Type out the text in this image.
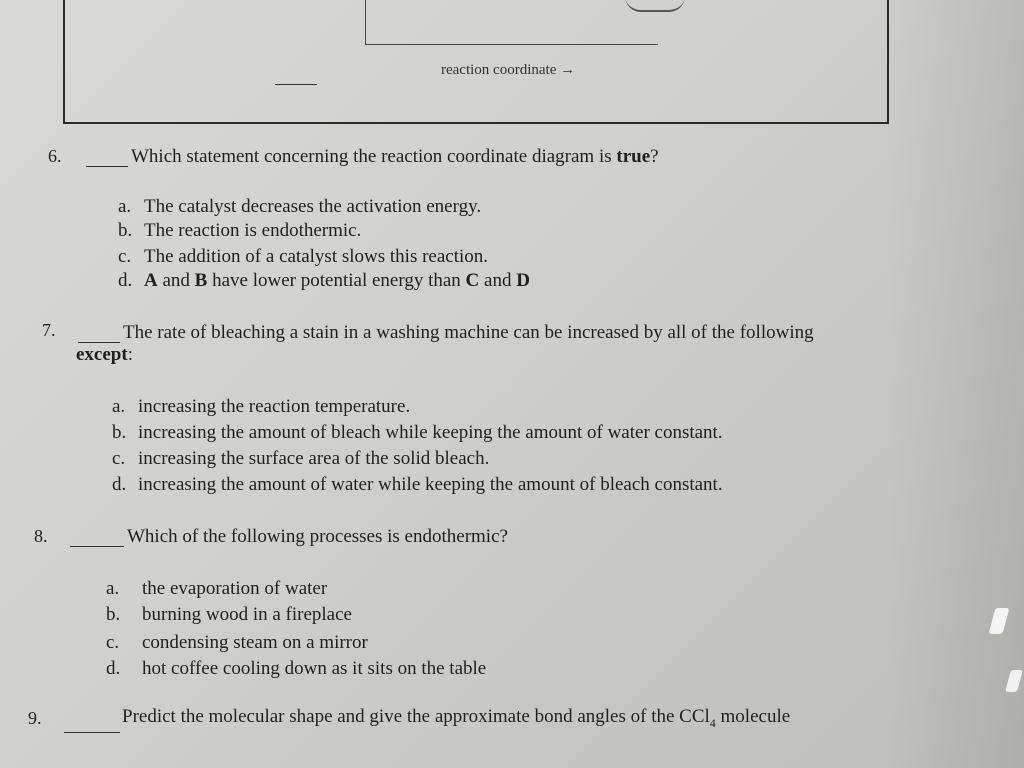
reaction coordinate →
6.	Which statement concerning the reaction coordinate diagram is true?
a. The catalyst decreases the activation energy.
b. The reaction is endothermic.
c. The addition of a catalyst slows this reaction.
d. A and B have lower potential energy than C and D
7.	The rate of bleaching a stain in a washing machine can be increased by all of the following
except:
a. increasing the reaction temperature.
b. increasing the amount of bleach while keeping the amount of water constant.
c. increasing the surface area of the solid bleach.
d. increasing the amount of water while keeping the amount of bleach constant.
8.	Which of the following processes is endothermic?
a. the evaporation of water
b. burning wood in a fireplace
c. condensing steam on a mirror
d. hot coffee cooling down as it sits on the table
9.	Predict the molecular shape and give the approximate bond angles of the CCl$_4$ molecule
